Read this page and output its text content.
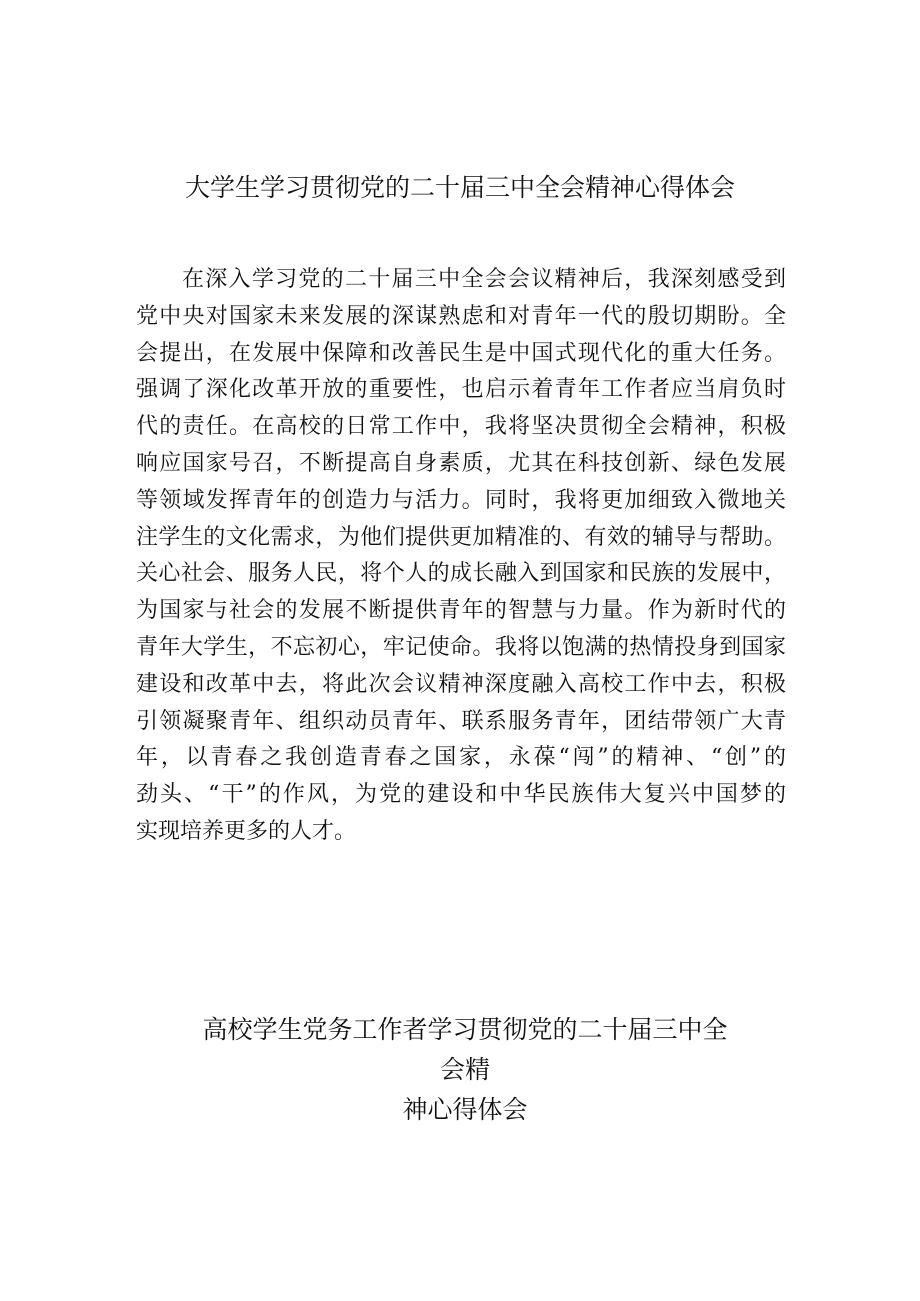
大学生学习贯彻党的二十届三中全会精神心得体会
在深入学习党的二十届三中全会会议精神后，我深刻感受到
党中央对国家未来发展的深谋熟虑和对青年一代的殷切期盼。全
会提出，在发展中保障和改善民生是中国式现代化的重大任务。
强调了深化改革开放的重要性，也启示着青年工作者应当肩负时
代的责任。在高校的日常工作中，我将坚决贯彻全会精神，积极
响应国家号召，不断提高自身素质，尤其在科技创新、绿色发展
等领域发挥青年的创造力与活力。同时，我将更加细致入微地关
注学生的文化需求，为他们提供更加精准的、有效的辅导与帮助。
关心社会、服务人民，将个人的成长融入到国家和民族的发展中，
为国家与社会的发展不断提供青年的智慧与力量。作为新时代的
青年大学生，不忘初心，牢记使命。我将以饱满的热情投身到国家
建设和改革中去，将此次会议精神深度融入高校工作中去，积极
引领凝聚青年、组织动员青年、联系服务青年，团结带领广大青
年，以青春之我创造青春之国家，永葆“闯”的精神、“创”的
劲头、“干”的作风，为党的建设和中华民族伟大复兴中国梦的
实现培养更多的人才。
高校学生党务工作者学习贯彻党的二十届三中全会精
神心得体会
